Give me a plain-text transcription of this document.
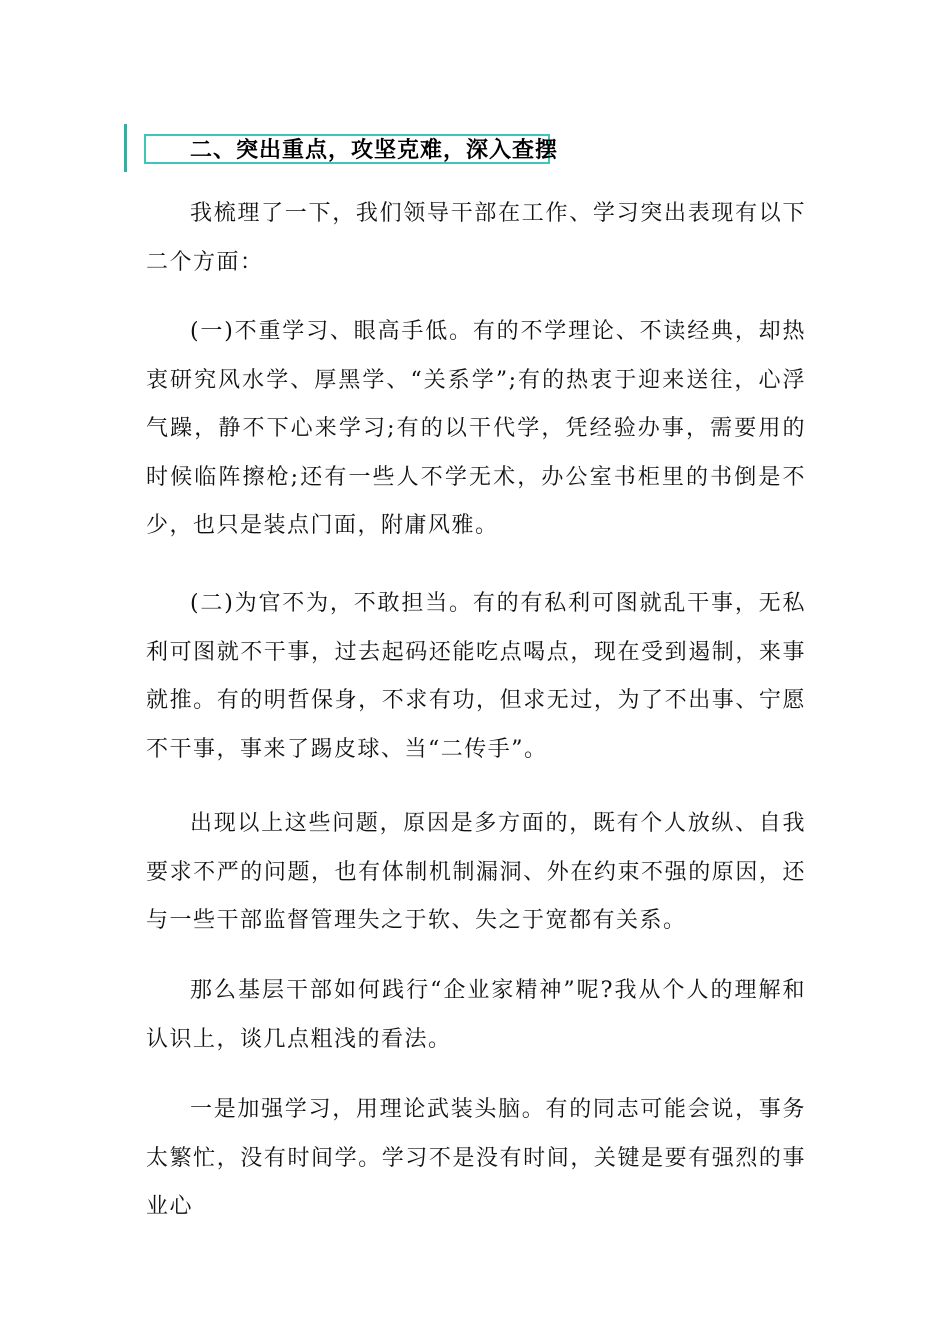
二、突出重点，攻坚克难，深入查摆

我梳理了一下，我们领导干部在工作、学习突出表现有以下二个方面：

(一)不重学习、眼高手低。有的不学理论、不读经典，却热衷研究风水学、厚黑学、“关系学”;有的热衷于迎来送往，心浮气躁，静不下心来学习;有的以干代学，凭经验办事，需要用的时候临阵擦枪;还有一些人不学无术，办公室书柜里的书倒是不少，也只是装点门面，附庸风雅。

(二)为官不为，不敢担当。有的有私利可图就乱干事，无私利可图就不干事，过去起码还能吃点喝点，现在受到遏制，来事就推。有的明哲保身，不求有功，但求无过，为了不出事、宁愿不干事，事来了踢皮球、当“二传手”。

出现以上这些问题，原因是多方面的，既有个人放纵、自我要求不严的问题，也有体制机制漏洞、外在约束不强的原因，还与一些干部监督管理失之于软、失之于宽都有关系。

那么基层干部如何践行“企业家精神”呢?我从个人的理解和认识上，谈几点粗浅的看法。

一是加强学习，用理论武装头脑。有的同志可能会说，事务太繁忙，没有时间学。学习不是没有时间，关键是要有强烈的事业心
